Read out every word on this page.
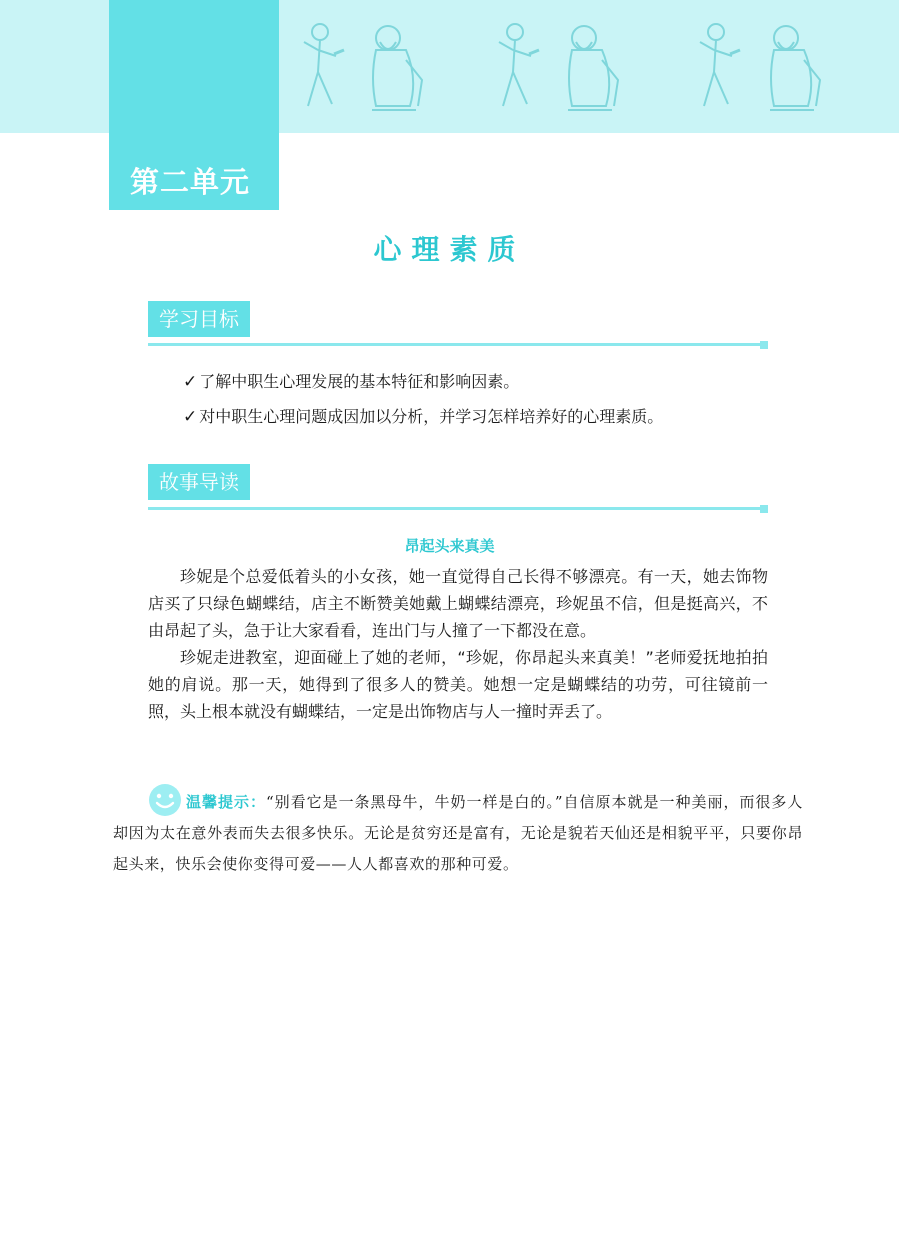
第二单元
心理素质
学习目标
✓ 了解中职生心理发展的基本特征和影响因素。
✓ 对中职生心理问题成因加以分析，并学习怎样培养好的心理素质。
故事导读
昂起头来真美
珍妮是个总爱低着头的小女孩，她一直觉得自己长得不够漂亮。有一天，她去饰物店买了只绿色蝴蝶结，店主不断赞美她戴上蝴蝶结漂亮，珍妮虽不信，但是挺高兴，不由昂起了头，急于让大家看看，连出门与人撞了一下都没在意。
珍妮走进教室，迎面碰上了她的老师，“珍妮，你昂起头来真美！”老师爱抚地拍拍她的肩说。那一天，她得到了很多人的赞美。她想一定是蝴蝶结的功劳，可往镜前一照，头上根本就没有蝴蝶结，一定是出饰物店与人一撞时弄丢了。
温馨提示：“别看它是一条黑母牛，牛奶一样是白的。”自信原本就是一种美丽，而很多人却因为太在意外表而失去很多快乐。无论是贫穷还是富有，无论是貌若天仙还是相貌平平，只要你昂起头来，快乐会使你变得可爱——人人都喜欢的那种可爱。
